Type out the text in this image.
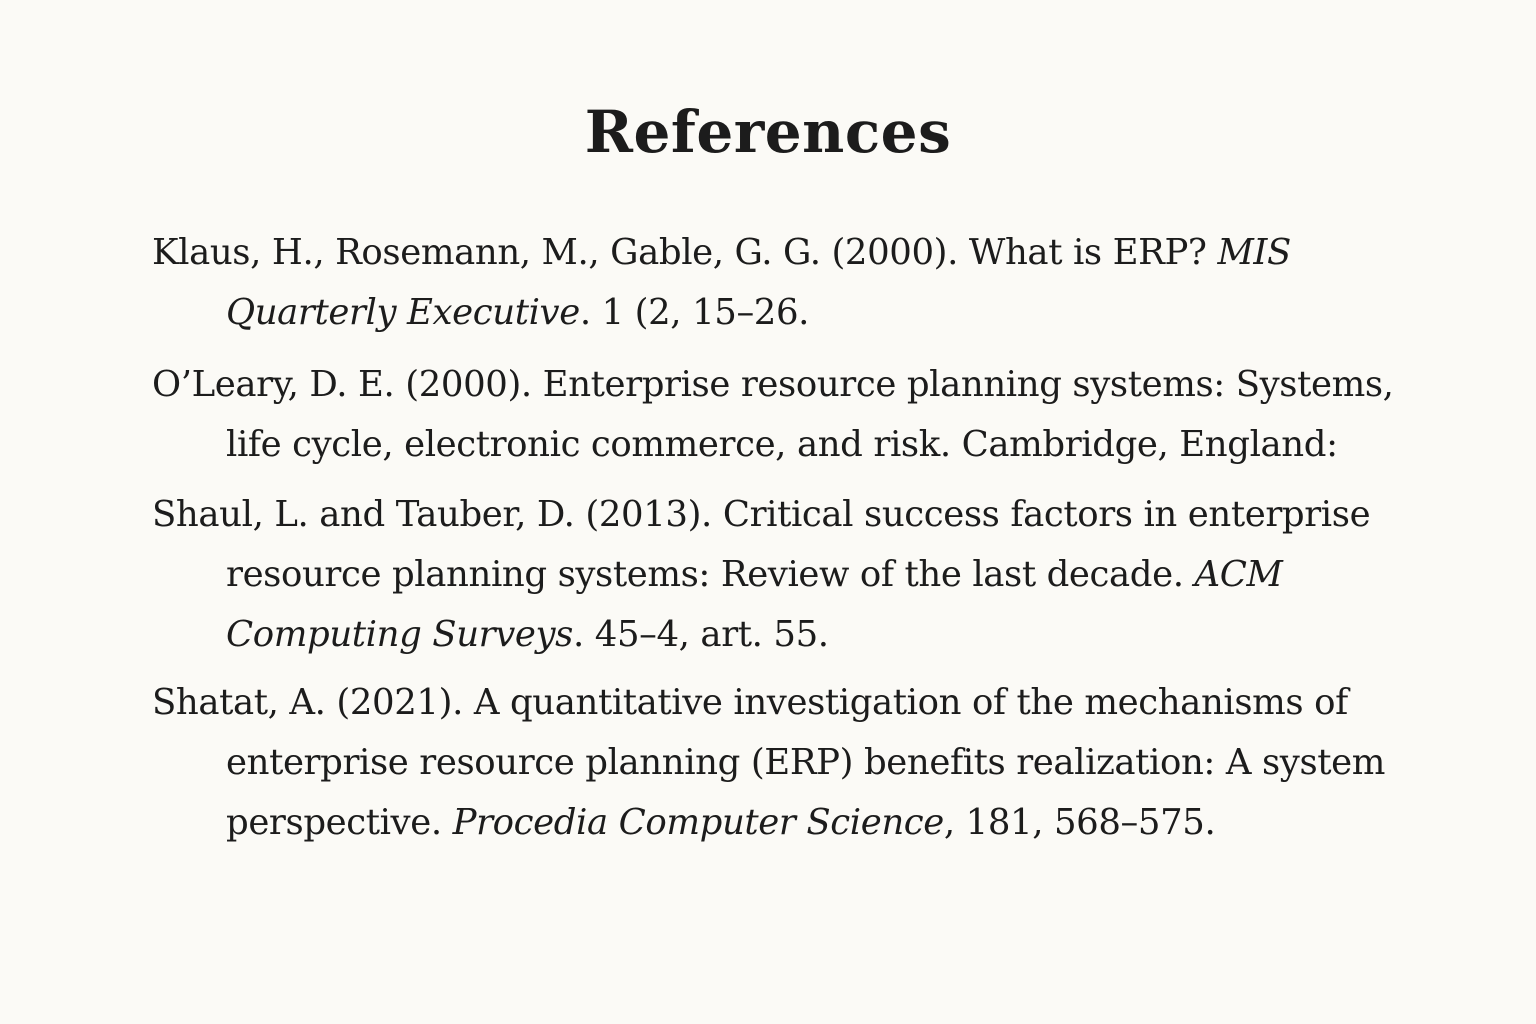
References

Klaus, H., Rosemann, M., Gable, G. G. (2000). What is ERP? MIS
Quarterly Executive. 1 (2, 15–26.

O’Leary, D. E. (2000). Enterprise resource planning systems: Systems,
life cycle, electronic commerce, and risk. Cambridge, England:

Shaul, L. and Tauber, D. (2013). Critical success factors in enterprise
resource planning systems: Review of the last decade. ACM
Computing Surveys. 45–4, art. 55.

Shatat, A. (2021). A quantitative investigation of the mechanisms of
enterprise resource planning (ERP) benefits realization: A system
perspective. Procedia Computer Science, 181, 568–575.
